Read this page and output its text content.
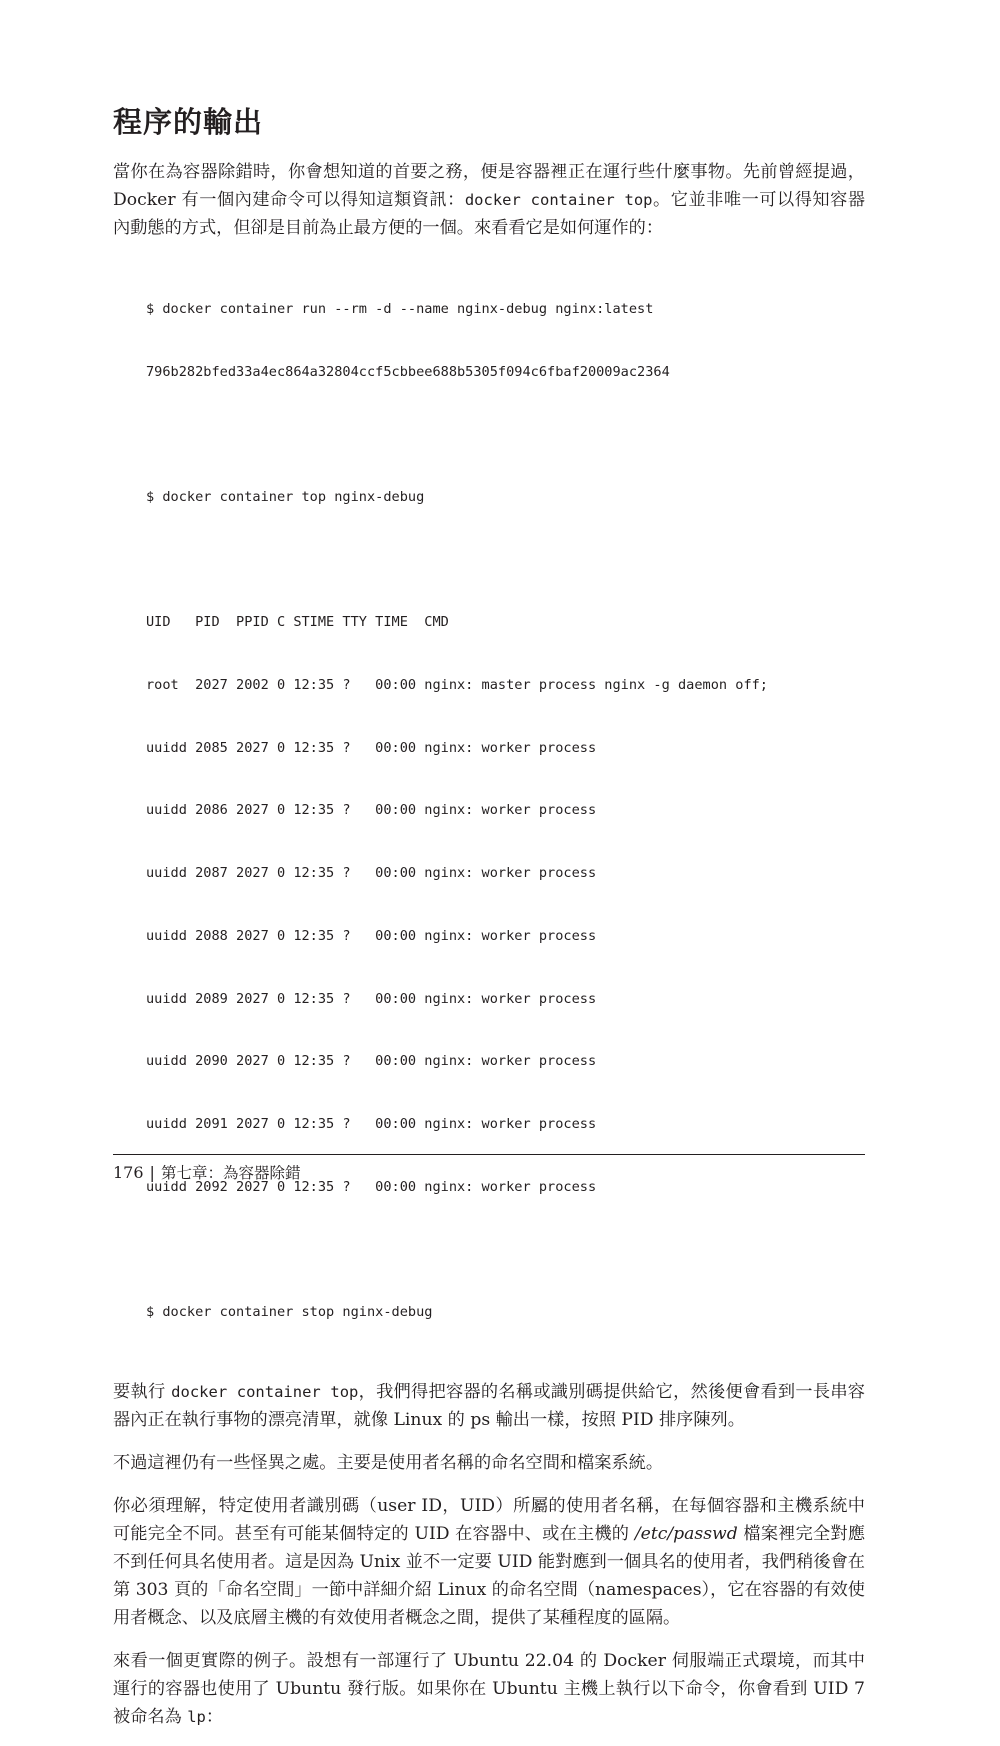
程序的輸出

當你在為容器除錯時，你會想知道的首要之務，便是容器裡正在運行些什麼事物。先前曾經提過，Docker 有一個內建命令可以得知這類資訊：docker container top。它並非唯一可以得知容器內動態的方式，但卻是目前為止最方便的一個。來看看它是如何運作的：

$ docker container run --rm -d --name nginx-debug nginx:latest

796b282bfed33a4ec864a32804ccf5cbbee688b5305f094c6fbaf20009ac2364

$ docker container top nginx-debug

UID   PID  PPID C STIME TTY TIME  CMD

root  2027 2002 0 12:35 ?   00:00 nginx: master process nginx -g daemon off;

uuidd 2085 2027 0 12:35 ?   00:00 nginx: worker process

uuidd 2086 2027 0 12:35 ?   00:00 nginx: worker process

uuidd 2087 2027 0 12:35 ?   00:00 nginx: worker process

uuidd 2088 2027 0 12:35 ?   00:00 nginx: worker process

uuidd 2089 2027 0 12:35 ?   00:00 nginx: worker process

uuidd 2090 2027 0 12:35 ?   00:00 nginx: worker process

uuidd 2091 2027 0 12:35 ?   00:00 nginx: worker process

uuidd 2092 2027 0 12:35 ?   00:00 nginx: worker process

$ docker container stop nginx-debug

要執行 docker container top，我們得把容器的名稱或識別碼提供給它，然後便會看到一長串容器內正在執行事物的漂亮清單，就像 Linux 的 ps 輸出一樣，按照 PID 排序陳列。

不過這裡仍有一些怪異之處。主要是使用者名稱的命名空間和檔案系統。

你必須理解，特定使用者識別碼（user ID，UID）所屬的使用者名稱，在每個容器和主機系統中可能完全不同。甚至有可能某個特定的 UID 在容器中、或在主機的 /etc/passwd 檔案裡完全對應不到任何具名使用者。這是因為 Unix 並不一定要 UID 能對應到一個具名的使用者，我們稍後會在第 303 頁的「命名空間」一節中詳細介紹 Linux 的命名空間（namespaces），它在容器的有效使用者概念、以及底層主機的有效使用者概念之間，提供了某種程度的區隔。

來看一個更實際的例子。設想有一部運行了 Ubuntu 22.04 的 Docker 伺服端正式環境，而其中運行的容器也使用了 Ubuntu 發行版。如果你在 Ubuntu 主機上執行以下命令，你會看到 UID 7 被命名為 lp：

176 | 第七章：為容器除錯
